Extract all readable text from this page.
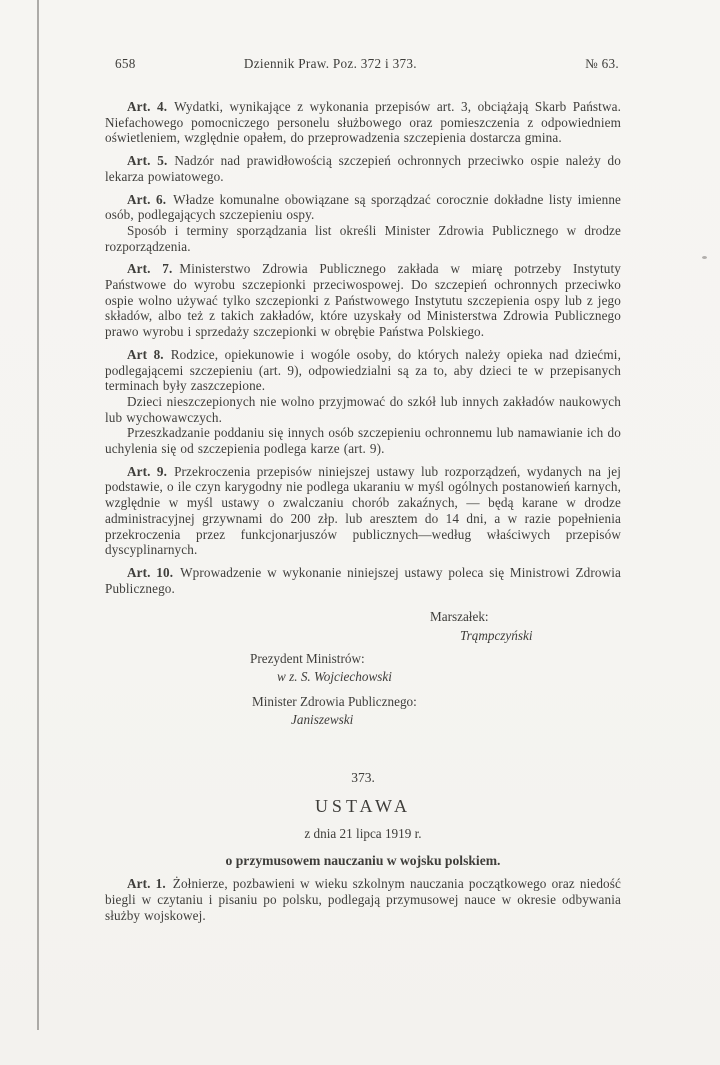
658	Dziennik Praw. Poz. 372 i 373.	№ 63.

Art. 4. Wydatki, wynikające z wykonania przepisów art. 3, obciążają Skarb Państwa. Niefachowego pomocniczego personelu służbowego oraz pomieszczenia z odpowiedniem oświetleniem, względnie opałem, do przeprowadzenia szczepienia dostarcza gmina.

Art. 5. Nadzór nad prawidłowością szczepień ochronnych przeciwko ospie należy do lekarza powiatowego.

Art. 6. Władze komunalne obowiązane są sporządzać corocznie dokładne listy imienne osób, podlegających szczepieniu ospy.

Sposób i terminy sporządzania list określi Minister Zdrowia Publicznego w drodze rozporządzenia.

Art. 7. Ministerstwo Zdrowia Publicznego zakłada w miarę potrzeby Instytuty Państwowe do wyrobu szczepionki przeciwospowej. Do szczepień ochronnych przeciwko ospie wolno używać tylko szczepionki z Państwowego Instytutu szczepienia ospy lub z jego składów, albo też z takich zakładów, które uzyskały od Ministerstwa Zdrowia Publicznego prawo wyrobu i sprzedaży szczepionki w obrębie Państwa Polskiego.

Art 8. Rodzice, opiekunowie i wogóle osoby, do których należy opieka nad dziećmi, podlegającemi szczepieniu (art. 9), odpowiedzialni są za to, aby dzieci te w przepisanych terminach były zaszczepione.

Dzieci nieszczepionych nie wolno przyjmować do szkół lub innych zakładów naukowych lub wychowawczych.

Przeszkadzanie poddaniu się innych osób szczepieniu ochronnemu lub namawianie ich do uchylenia się od szczepienia podlega karze (art. 9).

Art. 9. Przekroczenia przepisów niniejszej ustawy lub rozporządzeń, wydanych na jej podstawie, o ile czyn karygodny nie podlega ukaraniu w myśl ogólnych postanowień karnych, względnie w myśl ustawy o zwalczaniu chorób zakaźnych, — będą karane w drodze administracyjnej grzywnami do 200 złp. lub aresztem do 14 dni, a w razie popełnienia przekroczenia przez funkcjonarjuszów publicznych—według właściwych przepisów dyscyplinarnych.

Art. 10. Wprowadzenie w wykonanie niniejszej ustawy poleca się Ministrowi Zdrowia Publicznego.

Marszałek:
Trąmpczyński
Prezydent Ministrów:
w z. S. Wojciechowski
Minister Zdrowia Publicznego:
Janiszewski
373.
USTAWA
z dnia 21 lipca 1919 r.
o przymusowem nauczaniu w wojsku polskiem.

Art. 1. Żołnierze, pozbawieni w wieku szkolnym nauczania początkowego oraz niedość biegli w czytaniu i pisaniu po polsku, podlegają przymusowej nauce w okresie odbywania służby wojskowej.
